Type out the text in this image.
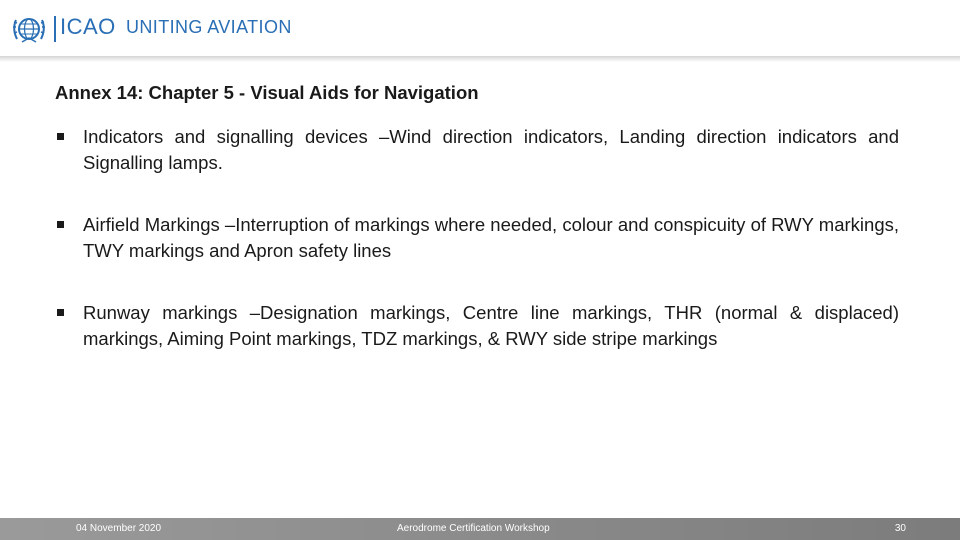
ICAO UNITING AVIATION
Annex 14: Chapter 5 - Visual Aids for Navigation
Indicators and signalling devices –Wind direction indicators, Landing direction indicators and Signalling lamps.
Airfield Markings –Interruption of markings where needed, colour and conspicuity of RWY markings, TWY markings and Apron safety lines
Runway markings –Designation markings, Centre line markings, THR (normal & displaced) markings, Aiming Point markings, TDZ markings, & RWY side stripe markings
04 November 2020	Aerodrome Certification Workshop	30
